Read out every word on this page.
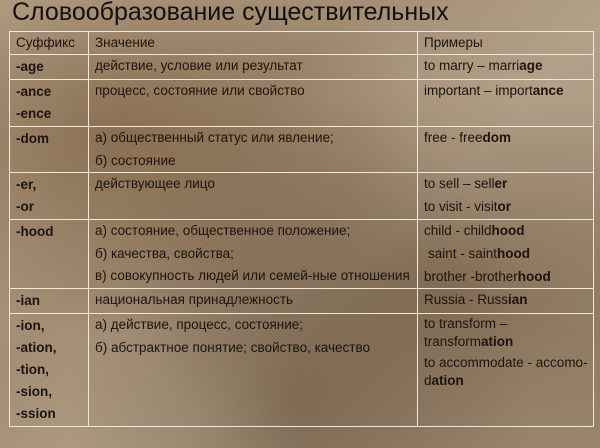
Словообразование существительных
Суффикс	Значение	Примеры

-age	действие, условие или результат	to marry – marriage

-ance
-ence	процесс, состояние или свойство	important – importance

-dom	а) общественный статус или явление;
б) состояние	free - freedom

-er,
-or	действующее лицо	to sell – seller
to visit - visitor

-hood	а) состояние, общественное положение;
б) качества, свойства;
в) совокупность людей или семей-ные отношения	child - childhood
saint - sainthood
brother -brotherhood

-ian	национальная принадлежность	Russia - Russian

-ion,
-ation,
-tion,
-sion,
-ssion	а) действие, процесс, состояние;
б) абстрактное понятие; свойство, качество	to transform – transformation
to accommodate - accomo-dation
